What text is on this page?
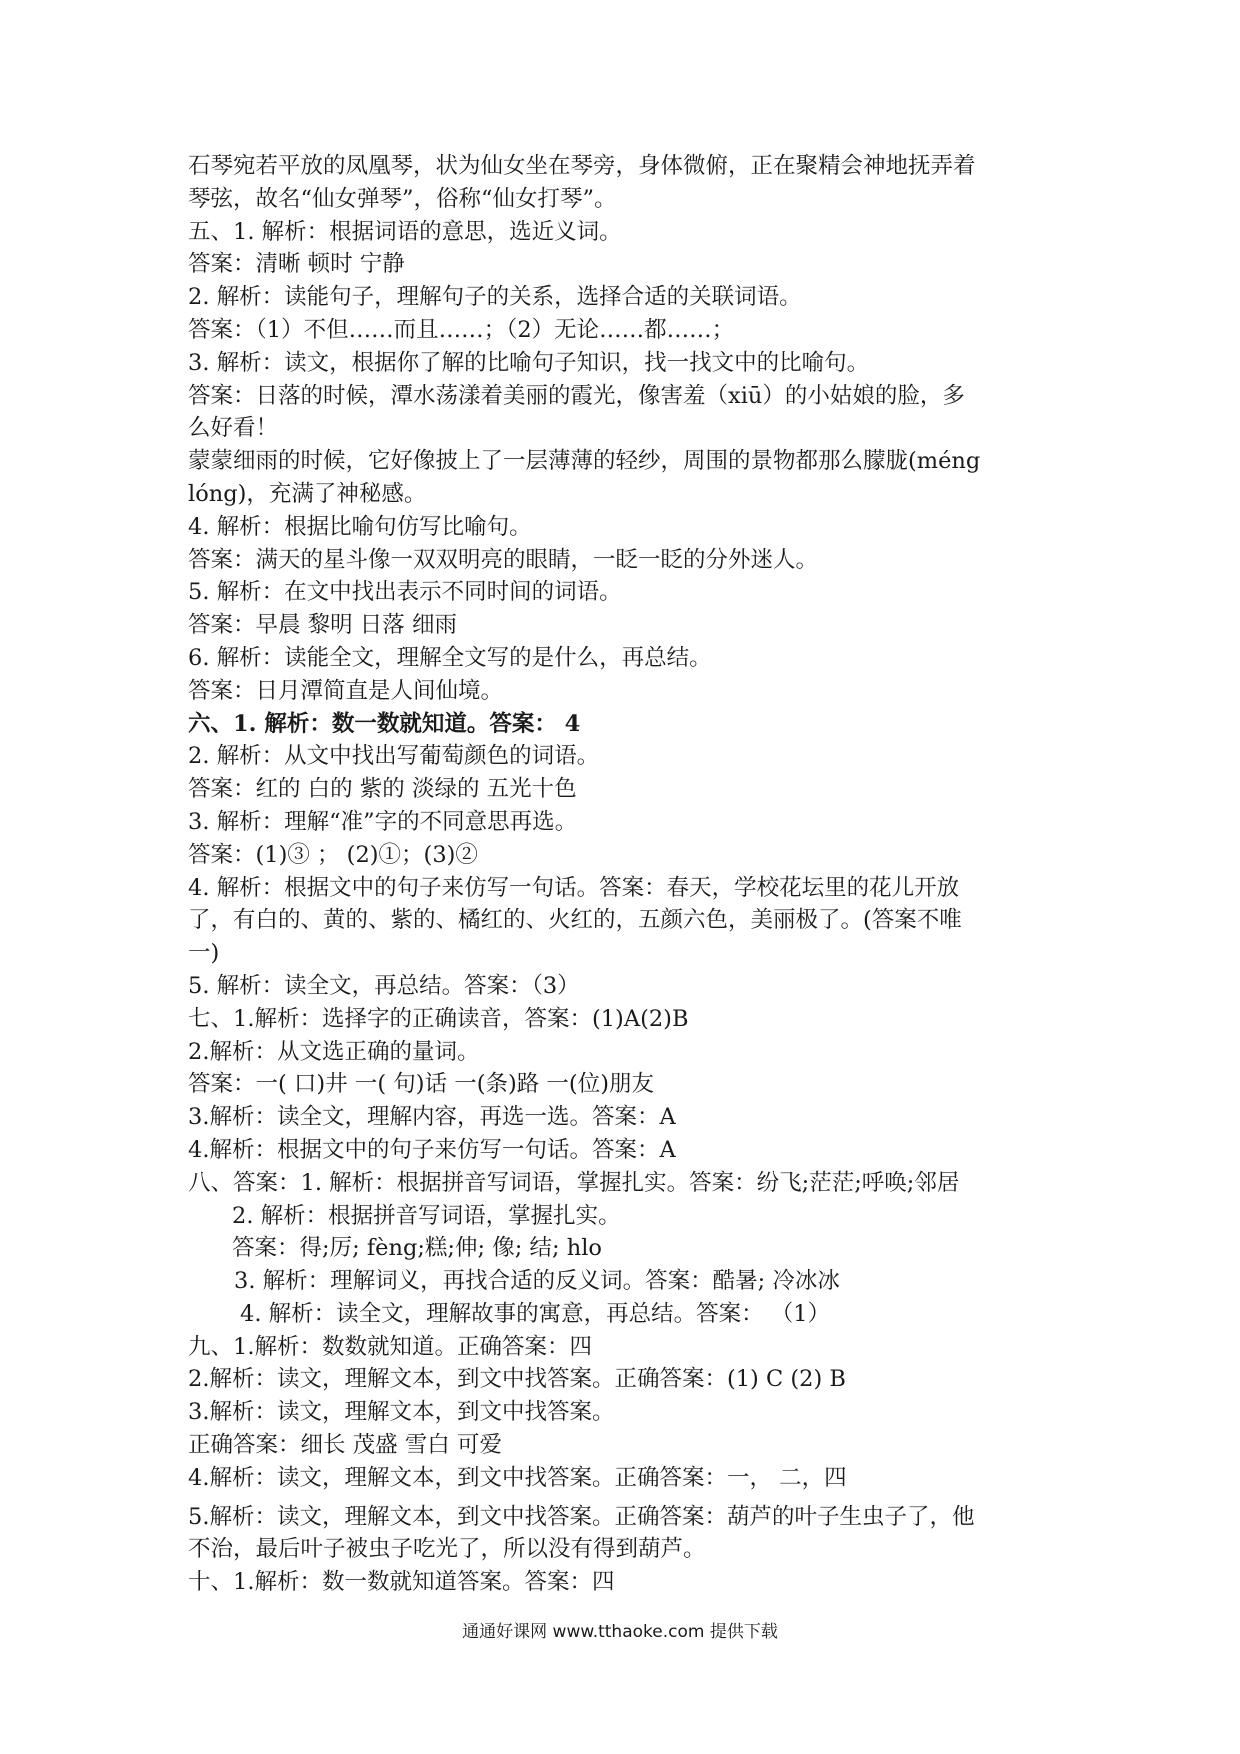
石琴宛若平放的凤凰琴，状为仙女坐在琴旁，身体微俯，正在聚精会神地抚弄着
琴弦，故名“仙女弹琴”，俗称“仙女打琴”。
五、1. 解析：根据词语的意思，选近义词。
答案：清晰 顿时 宁静
2. 解析：读能句子，理解句子的关系，选择合适的关联词语。
答案：（1）不但……而且……；（2）无论……都……；
3. 解析：读文，根据你了解的比喻句子知识，找一找文中的比喻句。
答案：日落的时候，潭水荡漾着美丽的霞光，像害羞（xiū）的小姑娘的脸，多
么好看！
蒙蒙细雨的时候，它好像披上了一层薄薄的轻纱，周围的景物都那么朦胧(méng
lóng)，充满了神秘感。
4. 解析：根据比喻句仿写比喻句。
答案：满天的星斗像一双双明亮的眼睛，一眨一眨的分外迷人。
5. 解析：在文中找出表示不同时间的词语。
答案：早晨 黎明 日落 细雨
6. 解析：读能全文，理解全文写的是什么，再总结。
答案：日月潭简直是人间仙境。
六、1. 解析：数一数就知道。答案： 4
2. 解析：从文中找出写葡萄颜色的词语。
答案：红的 白的 紫的 淡绿的 五光十色
3. 解析：理解“准”字的不同意思再选。
答案：(1)③ ； (2)①；(3)②
4. 解析：根据文中的句子来仿写一句话。答案：春天，学校花坛里的花儿开放
了，有白的、黄的、紫的、橘红的、火红的，五颜六色，美丽极了。(答案不唯
一)
5. 解析：读全文，再总结。答案：（3）
七、1.解析：选择字的正确读音，答案：(1)A(2)B
2.解析：从文选正确的量词。
答案：一( 口)井 一( 句)话 一(条)路 一(位)朋友
3.解析：读全文，理解内容，再选一选。答案：A
4.解析：根据文中的句子来仿写一句话。答案：A
八、答案：1. 解析：根据拼音写词语，掌握扎实。答案：纷飞;茫茫;呼唤;邻居
2. 解析：根据拼音写词语，掌握扎实。
答案：得;厉; fèng;糕;伸; 像; 结; hlo
3. 解析：理解词义，再找合适的反义词。答案：酷暑; 冷冰冰
4. 解析：读全文，理解故事的寓意，再总结。答案： （1）
九、1.解析：数数就知道。正确答案：四
2.解析：读文，理解文本，到文中找答案。正确答案：(1) C (2) B
3.解析：读文，理解文本，到文中找答案。
正确答案：细长 茂盛 雪白 可爱
4.解析：读文，理解文本，到文中找答案。正确答案：一， 二，四
5.解析：读文，理解文本，到文中找答案。正确答案：葫芦的叶子生虫子了，他
不治，最后叶子被虫子吃光了，所以没有得到葫芦。
十、1.解析：数一数就知道答案。答案：四
通通好课网 www.tthaoke.com 提供下载
